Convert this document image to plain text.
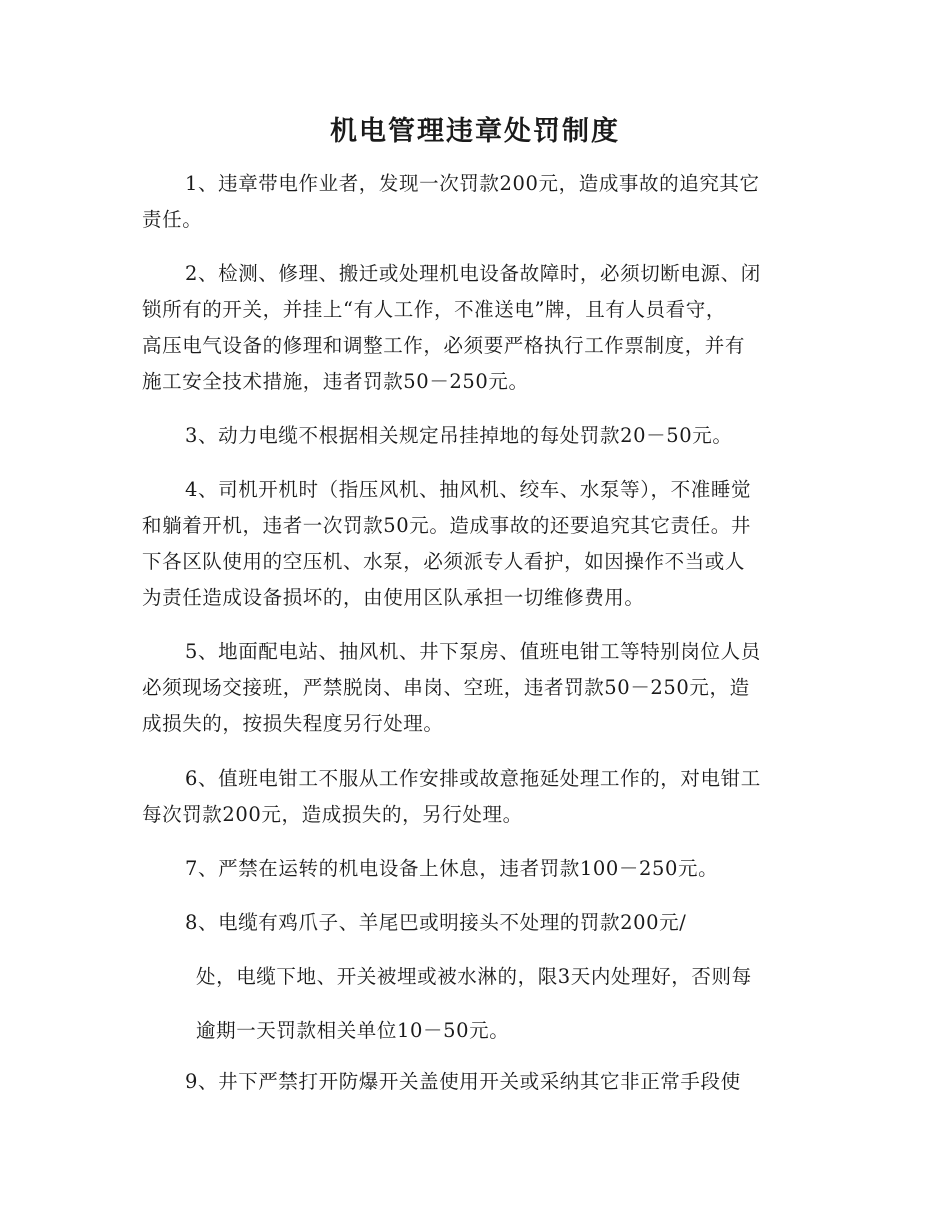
机电管理违章处罚制度
1、违章带电作业者，发现一次罚款200元，造成事故的追究其它
责任。
2、检测、修理、搬迁或处理机电设备故障时，必须切断电源、闭
锁所有的开关，并挂上“有人工作，不准送电”牌，且有人员看守，
高压电气设备的修理和调整工作，必须要严格执行工作票制度，并有
施工安全技术措施，违者罚款50－250元。
3、动力电缆不根据相关规定吊挂掉地的每处罚款20－50元。
4、司机开机时（指压风机、抽风机、绞车、水泵等），不准睡觉
和躺着开机，违者一次罚款50元。造成事故的还要追究其它责任。井
下各区队使用的空压机、水泵，必须派专人看护，如因操作不当或人
为责任造成设备损坏的，由使用区队承担一切维修费用。
5、地面配电站、抽风机、井下泵房、值班电钳工等特别岗位人员
必须现场交接班，严禁脱岗、串岗、空班，违者罚款50－250元，造
成损失的，按损失程度另行处理。
6、值班电钳工不服从工作安排或故意拖延处理工作的，对电钳工
每次罚款200元，造成损失的，另行处理。
7、严禁在运转的机电设备上休息，违者罚款100－250元。
8、电缆有鸡爪子、羊尾巴或明接头不处理的罚款200元/
处，电缆下地、开关被埋或被水淋的，限3天内处理好，否则每
逾期一天罚款相关单位10－50元。
9、井下严禁打开防爆开关盖使用开关或采纳其它非正常手段使
